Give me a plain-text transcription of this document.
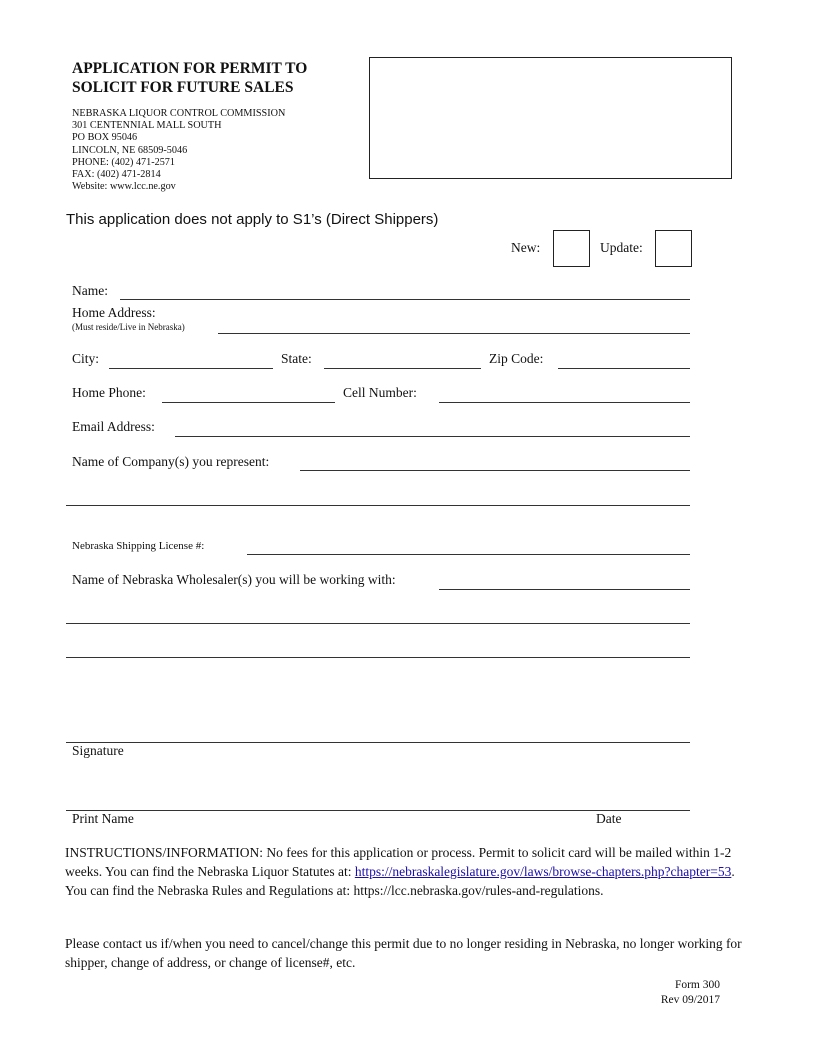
APPLICATION FOR PERMIT TO
SOLICIT FOR FUTURE SALES
NEBRASKA LIQUOR CONTROL COMMISSION
301 CENTENNIAL MALL SOUTH
PO BOX 95046
LINCOLN, NE 68509-5046
PHONE: (402) 471-2571
FAX: (402) 471-2814
Website: www.lcc.ne.gov
This application does not apply to S1’s (Direct Shippers)
New:	Update:
Name:
Home Address:
(Must reside/Live in Nebraska)
City:	State:	Zip Code:
Home Phone:	Cell Number:
Email Address:
Name of Company(s) you represent:
Nebraska Shipping License #:
Name of Nebraska Wholesaler(s) you will be working with:
Signature
Print Name	Date
INSTRUCTIONS/INFORMATION: No fees for this application or process. Permit to solicit card will be mailed within 1-2 weeks. You can find the Nebraska Liquor Statutes at: https://nebraskalegislature.gov/laws/browse-chapters.php?chapter=53. You can find the Nebraska Rules and Regulations at: https://lcc.nebraska.gov/rules-and-regulations.
Please contact us if/when you need to cancel/change this permit due to no longer residing in Nebraska, no longer working for shipper, change of address, or change of license#, etc.
Form 300
Rev 09/2017
